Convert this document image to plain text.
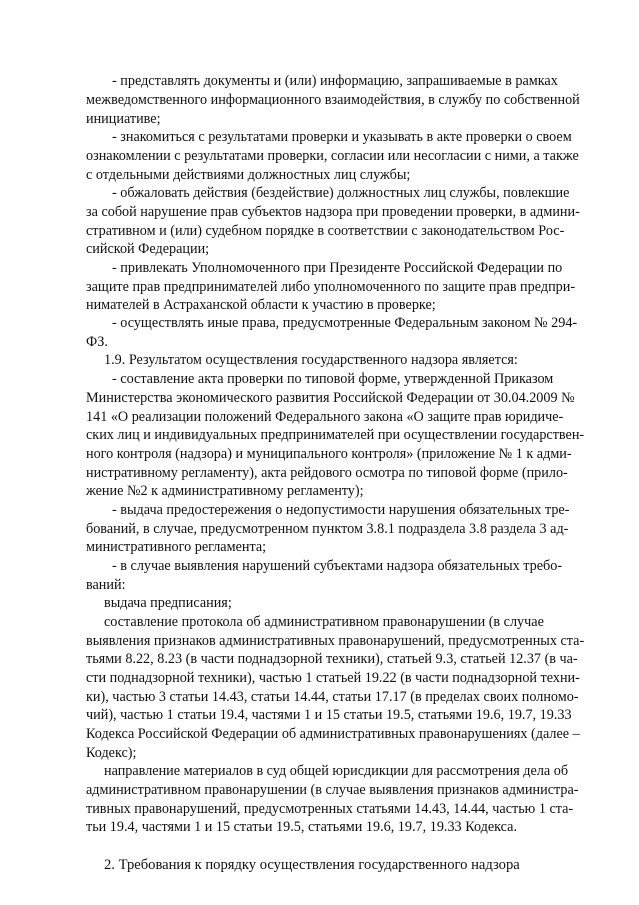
- представлять документы и (или) информацию, запрашиваемые в рамках
межведомственного информационного взаимодействия, в службу по собственной
инициативе;
- знакомиться с результатами проверки и указывать в акте проверки о своем
ознакомлении с результатами проверки, согласии или несогласии с ними, а также
с отдельными действиями должностных лиц службы;
- обжаловать действия (бездействие) должностных лиц службы, повлекшие
за собой нарушение прав субъектов надзора при проведении проверки, в админи-
стративном и (или) судебном порядке в соответствии с законодательством Рос-
сийской Федерации;
- привлекать Уполномоченного при Президенте Российской Федерации по
защите прав предпринимателей либо уполномоченного по защите прав предпри-
нимателей в Астраханской области к участию в проверке;
- осуществлять иные права, предусмотренные Федеральным законом № 294-
ФЗ.
1.9. Результатом осуществления государственного надзора является:
- составление акта проверки по типовой форме, утвержденной Приказом
Министерства экономического развития Российской Федерации от 30.04.2009 №
141 «О реализации положений Федерального закона «О защите прав юридиче-
ских лиц и индивидуальных предпринимателей при осуществлении государствен-
ного контроля (надзора) и муниципального контроля» (приложение № 1 к адми-
нистративному регламенту), акта рейдового осмотра по типовой форме (прило-
жение №2 к административному регламенту);
- выдача предостережения о недопустимости нарушения обязательных тре-
бований, в случае, предусмотренном пунктом 3.8.1 подраздела 3.8 раздела 3 ад-
министративного регламента;
- в случае выявления нарушений субъектами надзора обязательных требо-
ваний:
выдача предписания;
составление протокола об административном правонарушении (в случае
выявления признаков административных правонарушений, предусмотренных ста-
тьями 8.22, 8.23 (в части поднадзорной техники), статьей 9.3, статьей 12.37 (в ча-
сти поднадзорной техники), частью 1 статьей 19.22 (в части поднадзорной техни-
ки), частью 3 статьи 14.43, статьи 14.44, статьи 17.17 (в пределах своих полномо-
чий), частью 1 статьи 19.4, частями 1 и 15 статьи 19.5, статьями 19.6, 19.7, 19.33
Кодекса Российской Федерации об административных правонарушениях (далее –
Кодекс);
направление материалов в суд общей юрисдикции для рассмотрения дела об
административном правонарушении (в случае выявления признаков администра-
тивных правонарушений, предусмотренных статьями 14.43, 14.44, частью 1 ста-
тьи 19.4, частями 1 и 15 статьи 19.5, статьями 19.6, 19.7, 19.33 Кодекса.
2. Требования к порядку осуществления государственного надзора
